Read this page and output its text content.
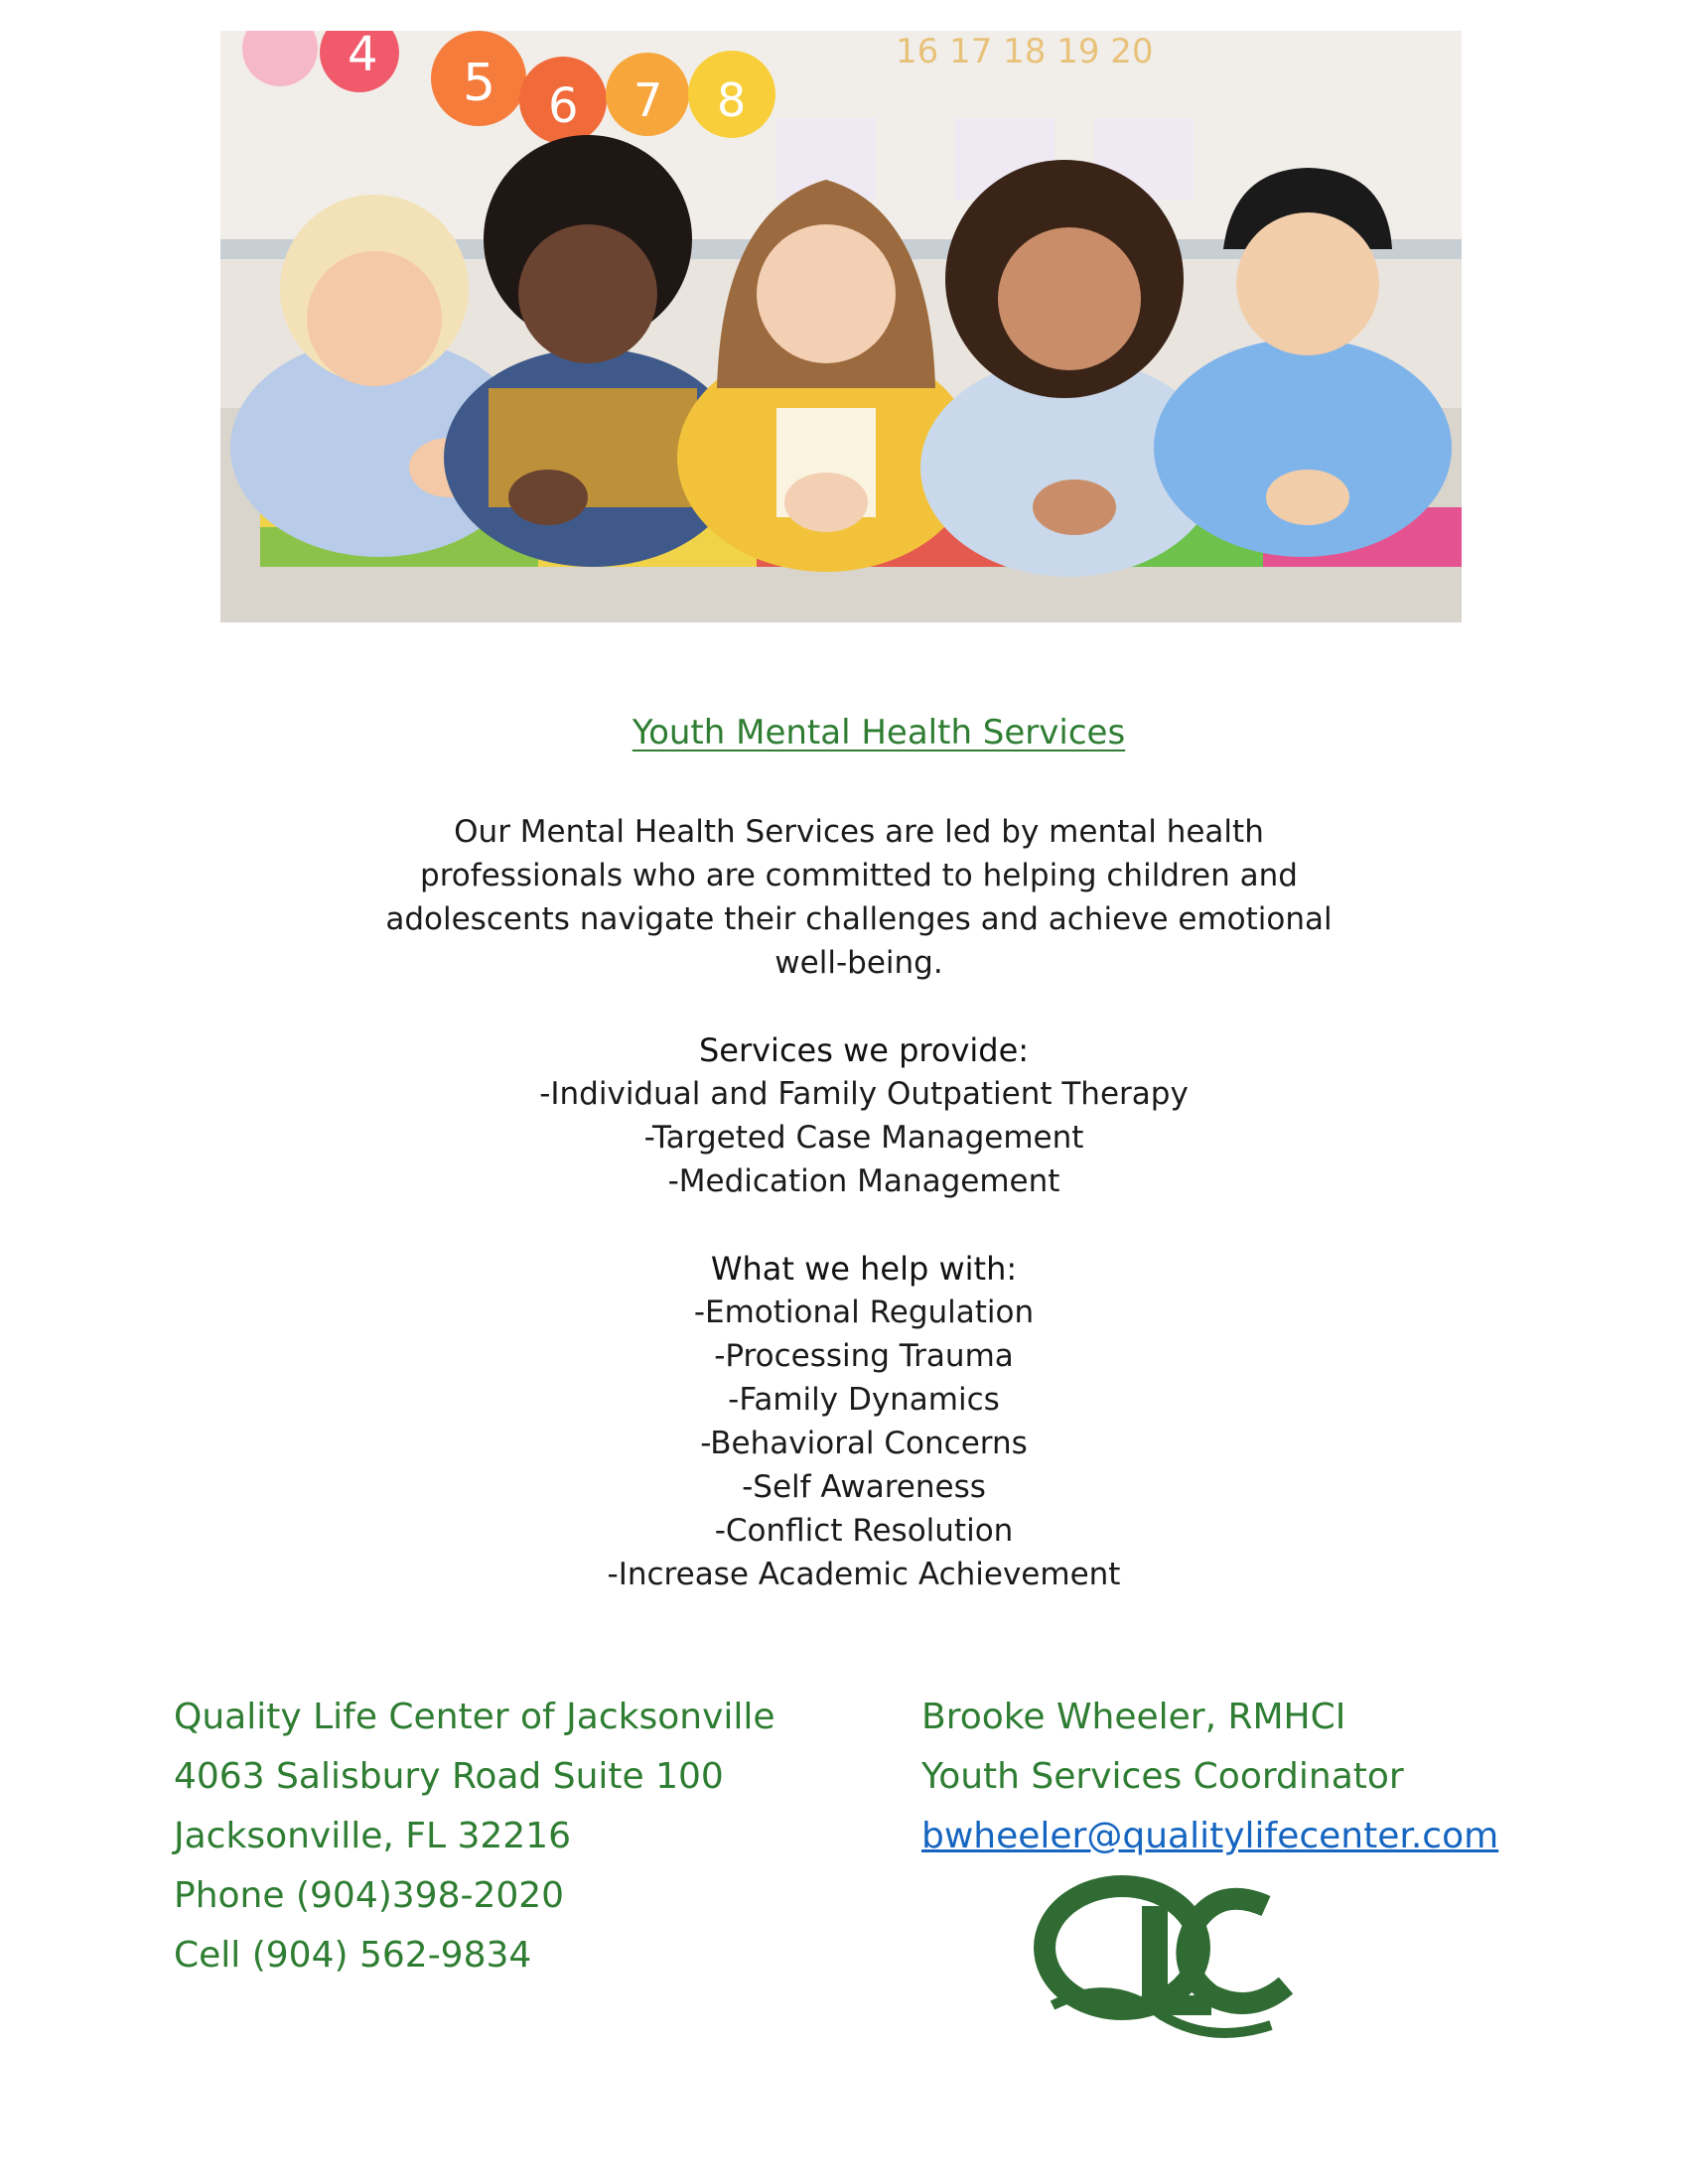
4 5 6 7 8
16 17 18 19 20
Youth Mental Health Services
Our Mental Health Services are led by mental health
professionals who are committed to helping children and
adolescents navigate their challenges and achieve emotional
well-being.
Services we provide:
-Individual and Family Outpatient Therapy
-Targeted Case Management
-Medication Management
What we help with:
-Emotional Regulation
-Processing Trauma
-Family Dynamics
-Behavioral Concerns
-Self Awareness
-Conflict Resolution
-Increase Academic Achievement
Quality Life Center of Jacksonville
4063 Salisbury Road Suite 100
Jacksonville, FL 32216
Phone (904)398-2020
Cell (904) 562-9834
Brooke Wheeler, RMHCI
Youth Services Coordinator
bwheeler@qualitylifecenter.com
QLC
